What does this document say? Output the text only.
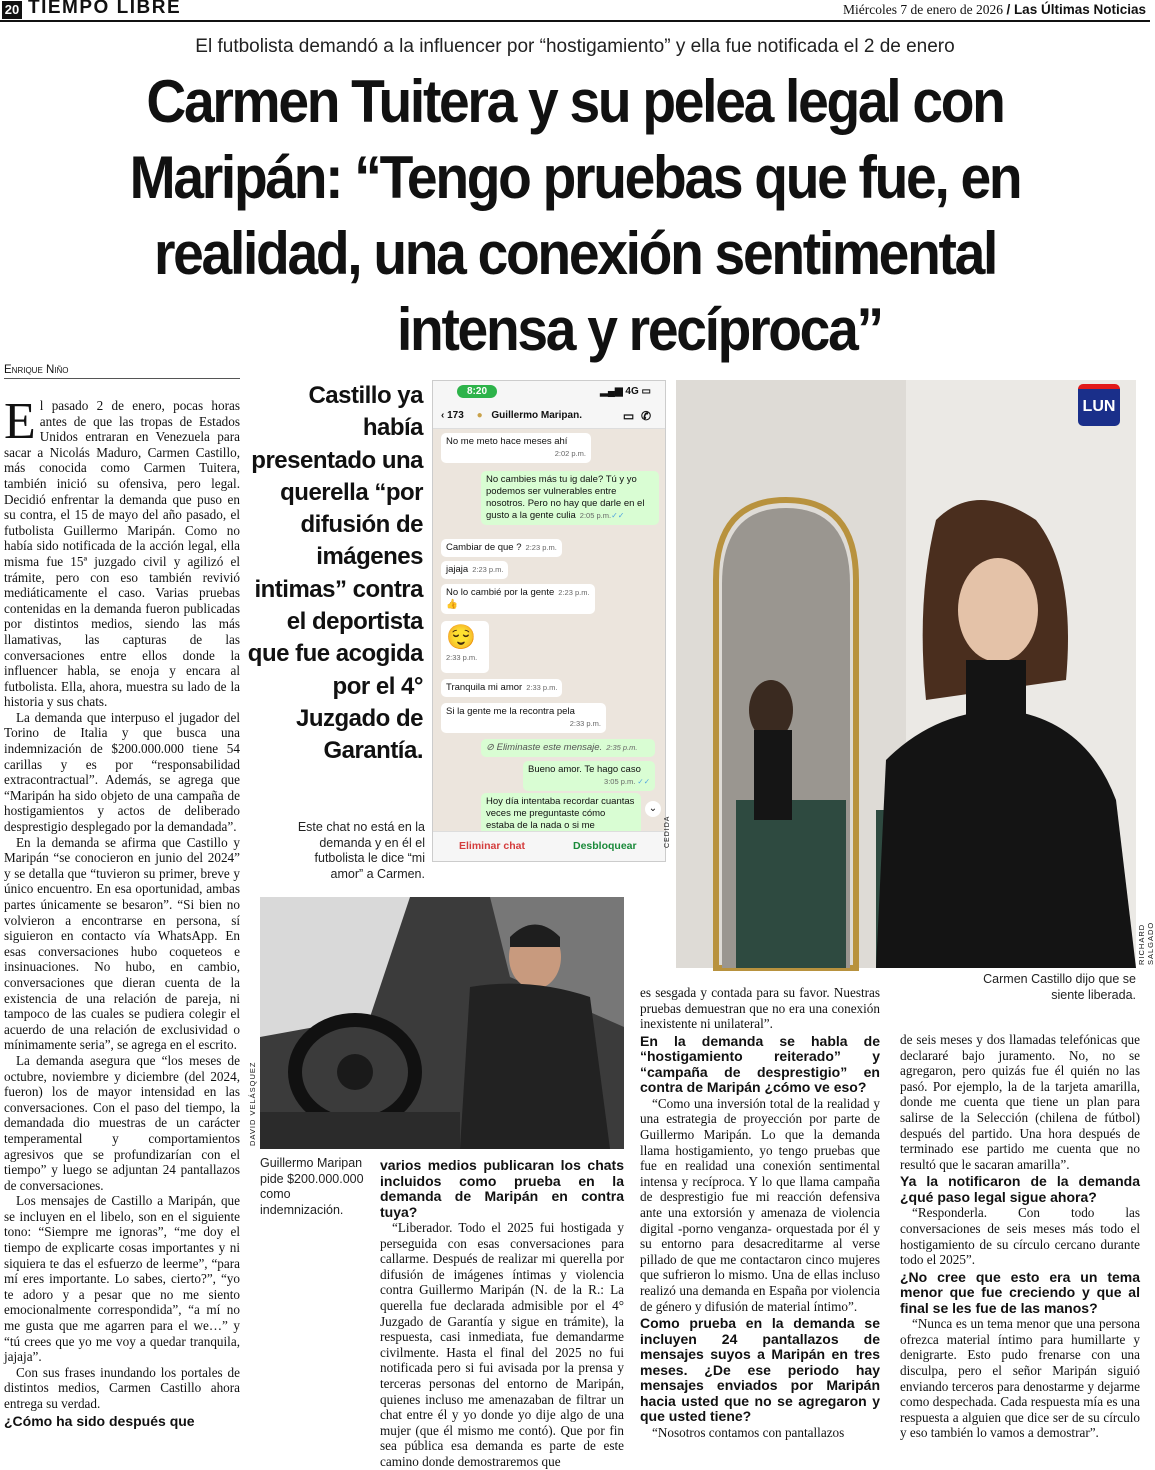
20 TIEMPO LIBRE	Miércoles 7 de enero de 2026 / Las Últimas Noticias
El futbolista demandó a la influencer por “hostigamiento” y ella fue notificada el 2 de enero
Carmen Tuitera y su pelea legal con
Maripán: “Tengo pruebas que fue, en
realidad, una conexión sentimental
intensa y recíproca”
Enrique Niño

El pasado 2 de enero, pocas horas antes de que las tropas de Estados Unidos entraran en Venezuela para sacar a Nicolás Maduro, Carmen Castillo, más conocida como Carmen Tuitera, también inició su ofensiva, pero legal. Decidió enfrentar la demanda que puso en su contra, el 15 de mayo del año pasado, el futbolista Guillermo Maripán. Como no había sido notificada de la acción legal, ella misma fue 15ª juzgado civil y agilizó el trámite, pero con eso también revivió mediáticamente el caso. Varias pruebas contenidas en la demanda fueron publicadas por distintos medios, siendo las más llamativas, las capturas de las conversaciones entre ellos donde la influencer habla, se enoja y encara al futbolista. Ella, ahora, muestra su lado de la historia y sus chats.

La demanda que interpuso el jugador del Torino de Italia y que busca una indemnización de $200.000.000 tiene 54 carillas y es por “responsabilidad extracontractual”. Además, se agrega que “Maripán ha sido objeto de una campaña de hostigamientos y actos de deliberado desprestigio desplegado por la demandada”.

En la demanda se afirma que Castillo y Maripán “se conocieron en junio del 2024” y se detalla que “tuvieron su primer, breve y único encuentro. En esa oportunidad, ambas partes únicamente se besaron”. “Si bien no volvieron a encontrarse en persona, sí siguieron en contacto vía WhatsApp. En esas conversaciones hubo coqueteos e insinuaciones. No hubo, en cambio, conversaciones que dieran cuenta de la existencia de una relación de pareja, ni tampoco de las cuales se pudiera colegir el acuerdo de una relación de exclusividad o mínimamente seria”, se agrega en el escrito.

La demanda asegura que “los meses de octubre, noviembre y diciembre (del 2024, fueron) los de mayor intensidad en las conversaciones. Con el paso del tiempo, la demandada dio muestras de un carácter temperamental y comportamientos agresivos que se profundizarían con el tiempo” y luego se adjuntan 24 pantallazos de conversaciones.

Los mensajes de Castillo a Maripán, que se incluyen en el libelo, son en el siguiente tono: “Siempre me ignoras”, “me doy el tiempo de explicarte cosas importantes y ni siquiera te das el esfuerzo de leerme”, “para mí eres importante. Lo sabes, cierto?”, “yo te adoro y a pesar que no me siento emocionalmente correspondida”, “a mí no me gusta que me agarren para el we…” y “tú crees que yo me voy a quedar tranquila, jajaja”.

Con sus frases inundando los portales de distintos medios, Carmen Castillo ahora entrega su verdad.

¿Cómo ha sido después que

Castillo ya había presentado una querella “por difusión de imágenes intimas” contra el deportista que fue acogida por el 4° Juzgado de Garantía.
Este chat no está en la demanda y en él el futbolista le dice “mi amor” a Carmen.
8:20	▂▄▆ 4G ▭
‹ 173 ● Guillermo Maripan.	▭ ✆
No me meto hace meses ahí
2:02 p.m.
No cambies más tu ig dale? Tú y yo podemos ser vulnerables entre nosotros. Pero no hay que darle en el gusto a la gente culia 2:05 p.m.✓✓
Cambiar de que ? 2:23 p.m.
jajaja 2:23 p.m.
No lo cambié por la gente 2:23 p.m.
👍
😌
2:33 p.m.
Tranquila mi amor 2:33 p.m.
Si la gente me la recontra pela
2:33 p.m.
⊘ Eliminaste este mensaje. 2:35 p.m.
Bueno amor. Te hago caso
3:05 p.m. ✓✓
Hoy día intentaba recordar cuantas veces me preguntaste cómo estaba de la nada o si me
⌄
Eliminar chat	Desbloquear	CEDIDA
LUN
RICHARD SALGADO
Carmen Castillo dijo que se siente liberada.
DAVID VELÁSQUEZ
Guillermo Maripan pide $200.000.000 como indemnización.

varios medios publicaran los chats incluidos como prueba en la demanda de Maripán en contra tuya?

“Liberador. Todo el 2025 fui hostigada y perseguida con esas conversaciones para callarme. Después de realizar mi querella por difusión de imágenes íntimas y violencia contra Guillermo Maripán (N. de la R.: La querella fue declarada admisible por el 4° Juzgado de Garantía y sigue en trámite), la respuesta, casi inmediata, fue demandarme civilmente. Hasta el final del 2025 no fui notificada pero si fui avisada por la prensa y terceras personas del entorno de Maripán, quienes incluso me amenazaban de filtrar un chat entre él y yo donde yo dije algo de una mujer (que él mismo me contó). Que por fin sea pública esa demanda es parte de este camino donde demostraremos que

es sesgada y contada para su favor. Nuestras pruebas demuestran que no era una conexión inexistente ni unilateral”.

En la demanda se habla de “hostigamiento reiterado” y “campaña de desprestigio” en contra de Maripán ¿cómo ve eso?

“Como una inversión total de la realidad y una estrategia de proyección por parte de Guillermo Maripán. Lo que la demanda llama hostigamiento, yo tengo pruebas que fue en realidad una conexión sentimental intensa y recíproca. Y lo que llama campaña de desprestigio fue mi reacción defensiva ante una extorsión y amenaza de violencia digital -porno venganza- orquestada por él y su entorno para desacreditarme al verse pillado de que me contactaron cinco mujeres que sufrieron lo mismo. Una de ellas incluso realizó una demanda en España por violencia de género y difusión de material íntimo”.

Como prueba en la demanda se incluyen 24 pantallazos de mensajes suyos a Maripán en tres meses. ¿De ese periodo hay mensajes enviados por Maripán hacia usted que no se agregaron y que usted tiene?

“Nosotros contamos con pantallazos

de seis meses y dos llamadas telefónicas que declararé bajo juramento. No, no se agregaron, pero quizás fue él quién no las pasó. Por ejemplo, la de la tarjeta amarilla, donde me cuenta que tiene un plan para salirse de la Selección (chilena de fútbol) después del partido. Una hora después de terminado ese partido me cuenta que no resultó que le sacaran amarilla”.

Ya la notificaron de la demanda ¿qué paso legal sigue ahora?

“Responderla. Con todo las conversaciones de seis meses más todo el hostigamiento de su círculo cercano durante todo el 2025”.

¿No cree que esto era un tema menor que fue creciendo y que al final se les fue de las manos?

“Nunca es un tema menor que una persona ofrezca material íntimo para humillarte y denigrarte. Esto pudo frenarse con una disculpa, pero el señor Maripán siguió enviando terceros para denostarme y dejarme como despechada. Cada respuesta mía es una respuesta a alguien que dice ser de su círculo y eso también lo vamos a demostrar”.
